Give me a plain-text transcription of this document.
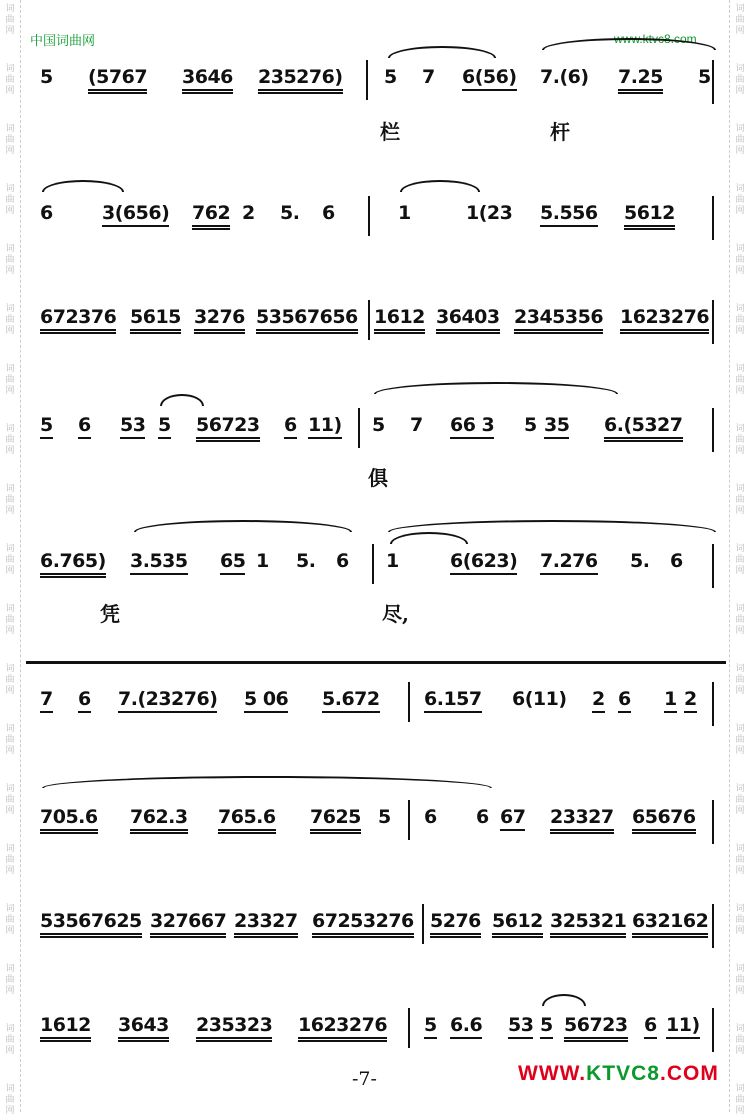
词
曲
网
词
曲
网
词
曲
网
词
曲
网
词
曲
网
词
曲
网
词
曲
网
词
曲
网
词
曲
网
词
曲
网
词
曲
网
词
曲
网
词
曲
网
词
曲
网
词
曲
网
词
曲
网
词
曲
网
词
曲
网
词
曲
网
词
曲
网
词
曲
网
词
曲
网
词
曲
网
词
曲
网
词
曲
网
词
曲
网
词
曲
网
词
曲
网
词
曲
网
词
曲
网
词
曲
网
词
曲
网
词
曲
网
词
曲
网
词
曲
网
词
曲
网
词
曲
网
词
曲
网
中国词曲网	www.ktvc8.com
5 (5767 3646 235276) 5 7 6(56) 7.(6) 7.25 5
栏	杆
6	3(656) 762 2 5. 6	1	1(23 5.556 5612
672376 5615 3276 53567656 1612 36403 2345356 1623276
5 6 53 5 56723 6 11) 5 7 66 3 5 35 6.(5327
俱
6.765) 3.535 65 1 5. 6 1	6(623) 7.276 5. 6
凭	尽,
7 6 7.(23276) 5 06 5.672 6.157 6(11) 2 6 1 2
705.6 762.3 765.6 7625 5 6 6 67 23327 65676
53567625 327667 23327 67253276 5276 5612 325321 632162
1612 3643 235323 1623276 5 6.6 53 5 56723 6 11)
-7-	WWW.KTVC8.COM
